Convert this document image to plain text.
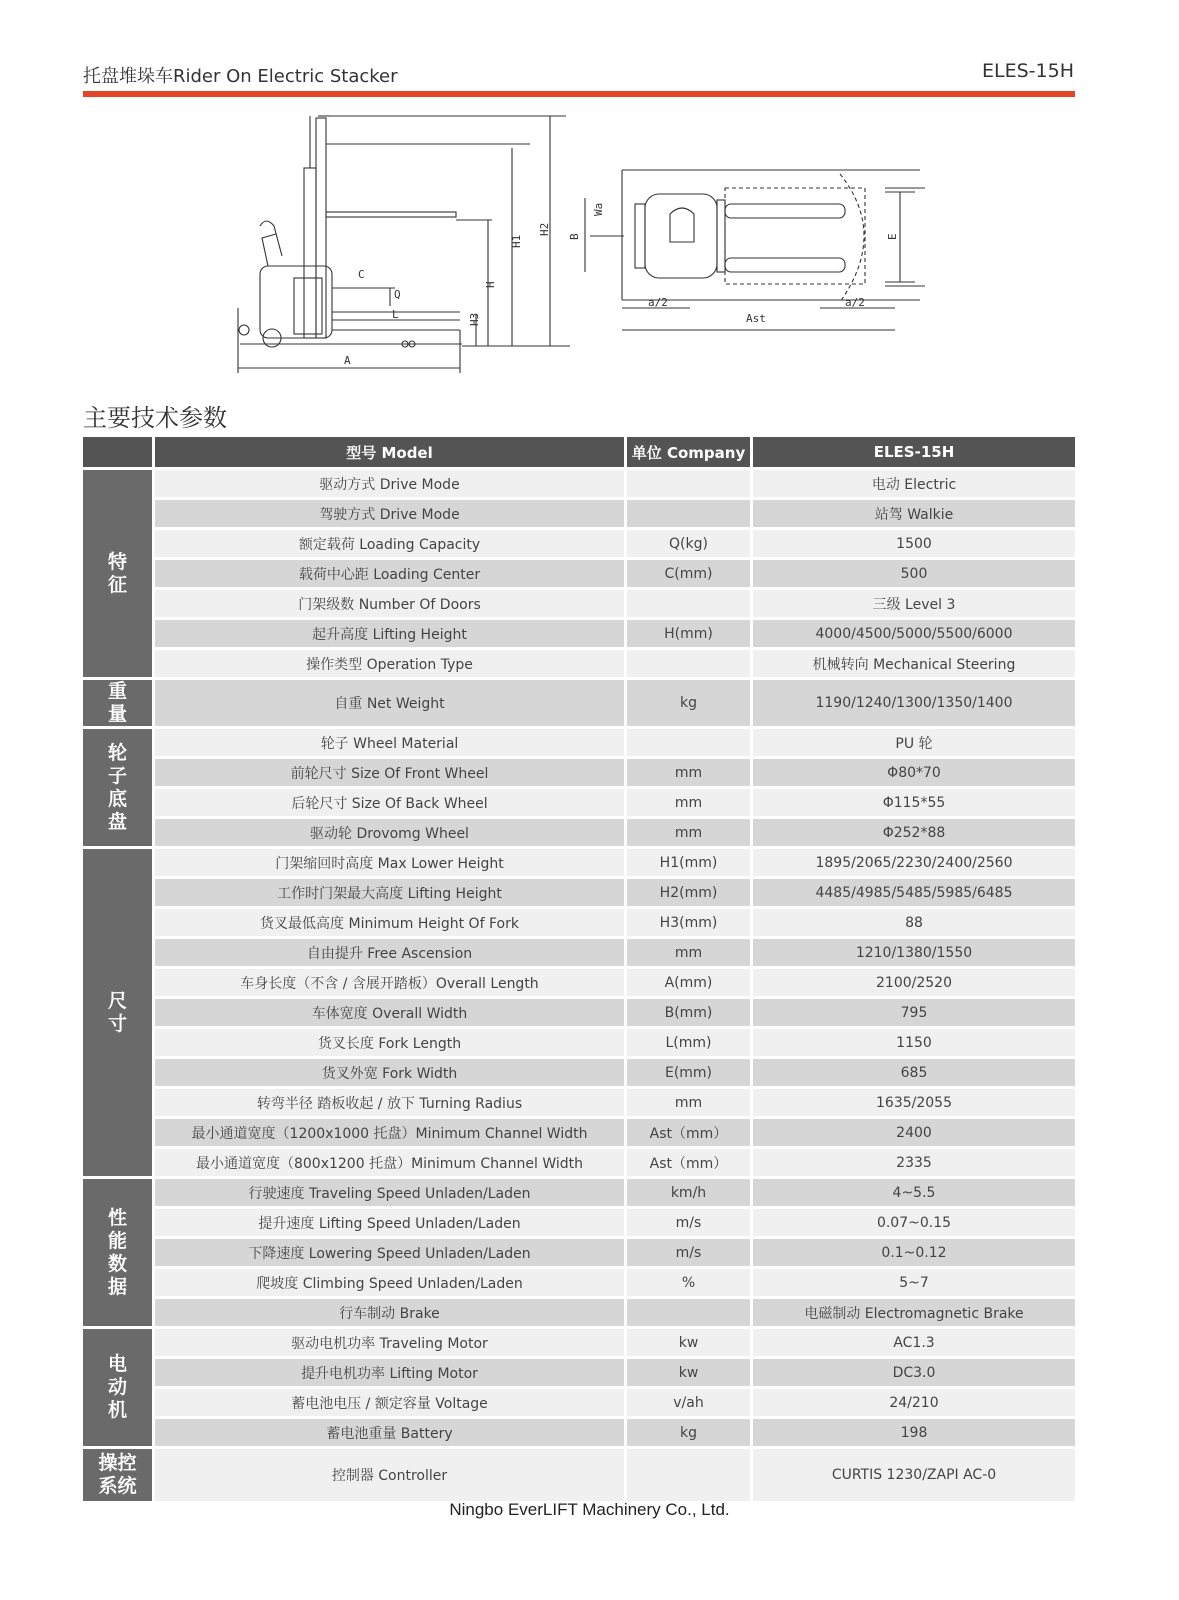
托盘堆垛车Rider On Electric Stacker	ELES-15H
C
Q
L
A
H
H1
H2
H3
B
Wa
a/2	a/2
Ast
E
主要技术参数
	型号 Model	单位 Company	ELES-15H
特征	驱动方式 Drive Mode		电动 Electric
	驾驶方式 Drive Mode		站驾 Walkie
	额定载荷 Loading Capacity	Q(kg)	1500
	载荷中心距 Loading Center	C(mm)	500
	门架级数 Number Of Doors		三级 Level 3
	起升高度 Lifting Height	H(mm)	4000/4500/5000/5500/6000
	操作类型 Operation Type		机械转向 Mechanical Steering
重量	自重 Net Weight	kg	1190/1240/1300/1350/1400
轮子底盘	轮子 Wheel Material		PU 轮
	前轮尺寸 Size Of Front Wheel	mm	Φ80*70
	后轮尺寸 Size Of Back Wheel	mm	Φ115*55
	驱动轮 Drovomg Wheel	mm	Φ252*88
尺寸	门架缩回时高度 Max Lower Height	H1(mm)	1895/2065/2230/2400/2560
	工作时门架最大高度 Lifting Height	H2(mm)	4485/4985/5485/5985/6485
	货叉最低高度 Minimum Height Of Fork	H3(mm)	88
	自由提升 Free Ascension	mm	1210/1380/1550
	车身长度（不含 / 含展开踏板）Overall Length	A(mm)	2100/2520
	车体宽度 Overall Width	B(mm)	795
	货叉长度 Fork Length	L(mm)	1150
	货叉外宽 Fork Width	E(mm)	685
	转弯半径 踏板收起 / 放下 Turning Radius	mm	1635/2055
	最小通道宽度（1200x1000 托盘）Minimum Channel Width	Ast（mm）	2400
	最小通道宽度（800x1200 托盘）Minimum Channel Width	Ast（mm）	2335
性能数据	行驶速度 Traveling Speed Unladen/Laden	km/h	4~5.5
	提升速度 Lifting Speed Unladen/Laden	m/s	0.07~0.15
	下降速度 Lowering Speed Unladen/Laden	m/s	0.1~0.12
	爬坡度 Climbing Speed Unladen/Laden	%	5~7
	行车制动 Brake		电磁制动 Electromagnetic Brake
电动机	驱动电机功率 Traveling Motor	kw	AC1.3
	提升电机功率 Lifting Motor	kw	DC3.0
	蓄电池电压 / 额定容量 Voltage	v/ah	24/210
	蓄电池重量 Battery	kg	198
操控系统	控制器 Controller		CURTIS 1230/ZAPI AC-0
Ningbo EverLIFT Machinery Co., Ltd.
